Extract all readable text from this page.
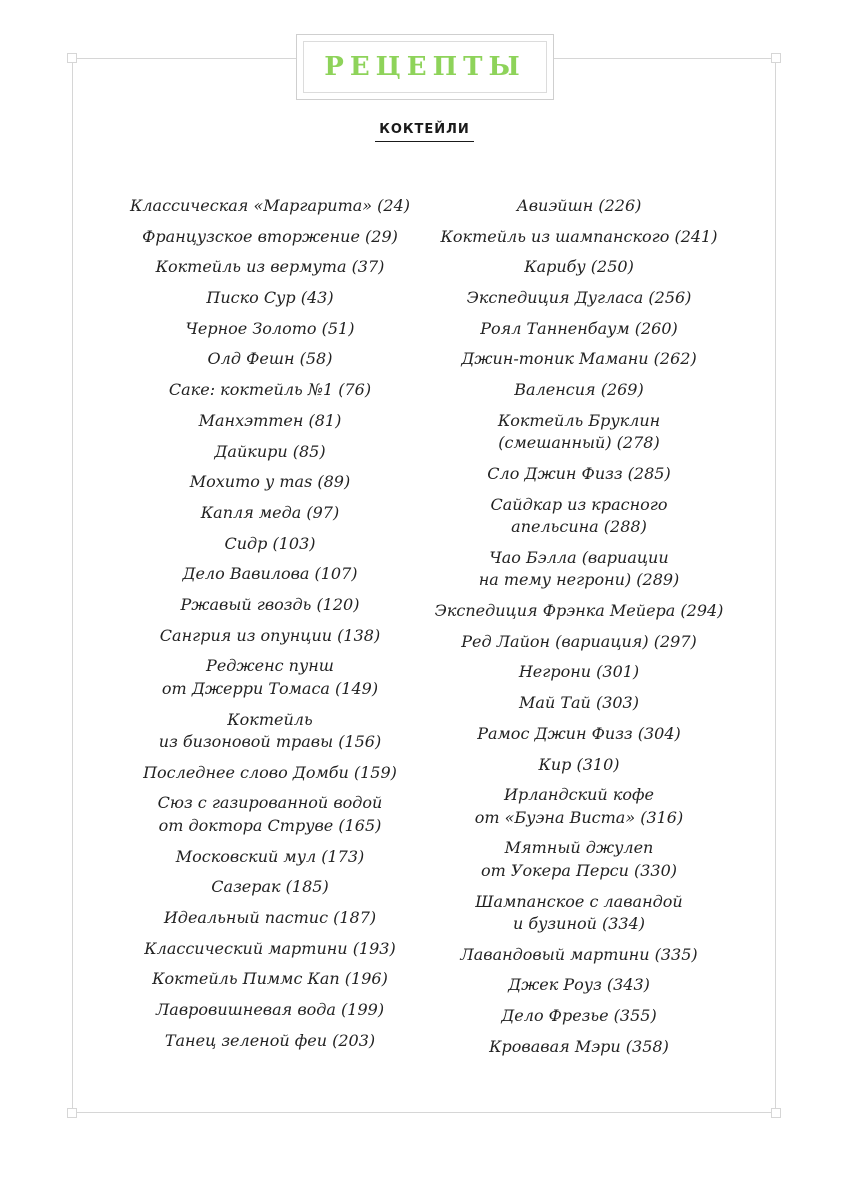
РЕЦЕПТЫ
КОКТЕЙЛИ
Классическая «Маргарита» (24)
Французское вторжение (29)
Коктейль из вермута (37)
Писко Сур (43)
Черное Золото (51)
Олд Фешн (58)
Саке: коктейль №1 (76)
Манхэттен (81)
Дайкири (85)
Мохито у mas (89)
Капля меда (97)
Сидр (103)
Дело Вавилова (107)
Ржавый гвоздь (120)
Сангрия из опунции (138)
Редженс пунш
от Джерри Томаса (149)
Коктейль
из бизоновой травы (156)
Последнее слово Домби (159)
Сюз с газированной водой
от доктора Струве (165)
Московский мул (173)
Сазерак (185)
Идеальный пастис (187)
Классический мартини (193)
Коктейль Пиммс Кап (196)
Лавровишневая вода (199)
Танец зеленой феи (203)
Авиэйшн (226)
Коктейль из шампанского (241)
Карибу (250)
Экспедиция Дугласа (256)
Роял Танненбаум (260)
Джин-тоник Мамани (262)
Валенсия (269)
Коктейль Бруклин
(смешанный) (278)
Сло Джин Физз (285)
Сайдкар из красного
апельсина (288)
Чао Бэлла (вариации
на тему негрони) (289)
Экспедиция Фрэнка Мейера (294)
Ред Лайон (вариация) (297)
Негрони (301)
Май Тай (303)
Рамос Джин Физз (304)
Кир (310)
Ирландский кофе
от «Буэна Виста» (316)
Мятный джулеп
от Уокера Перси (330)
Шампанское с лавандой
и бузиной (334)
Лавандовый мартини (335)
Джек Роуз (343)
Дело Фрезье (355)
Кровавая Мэри (358)
